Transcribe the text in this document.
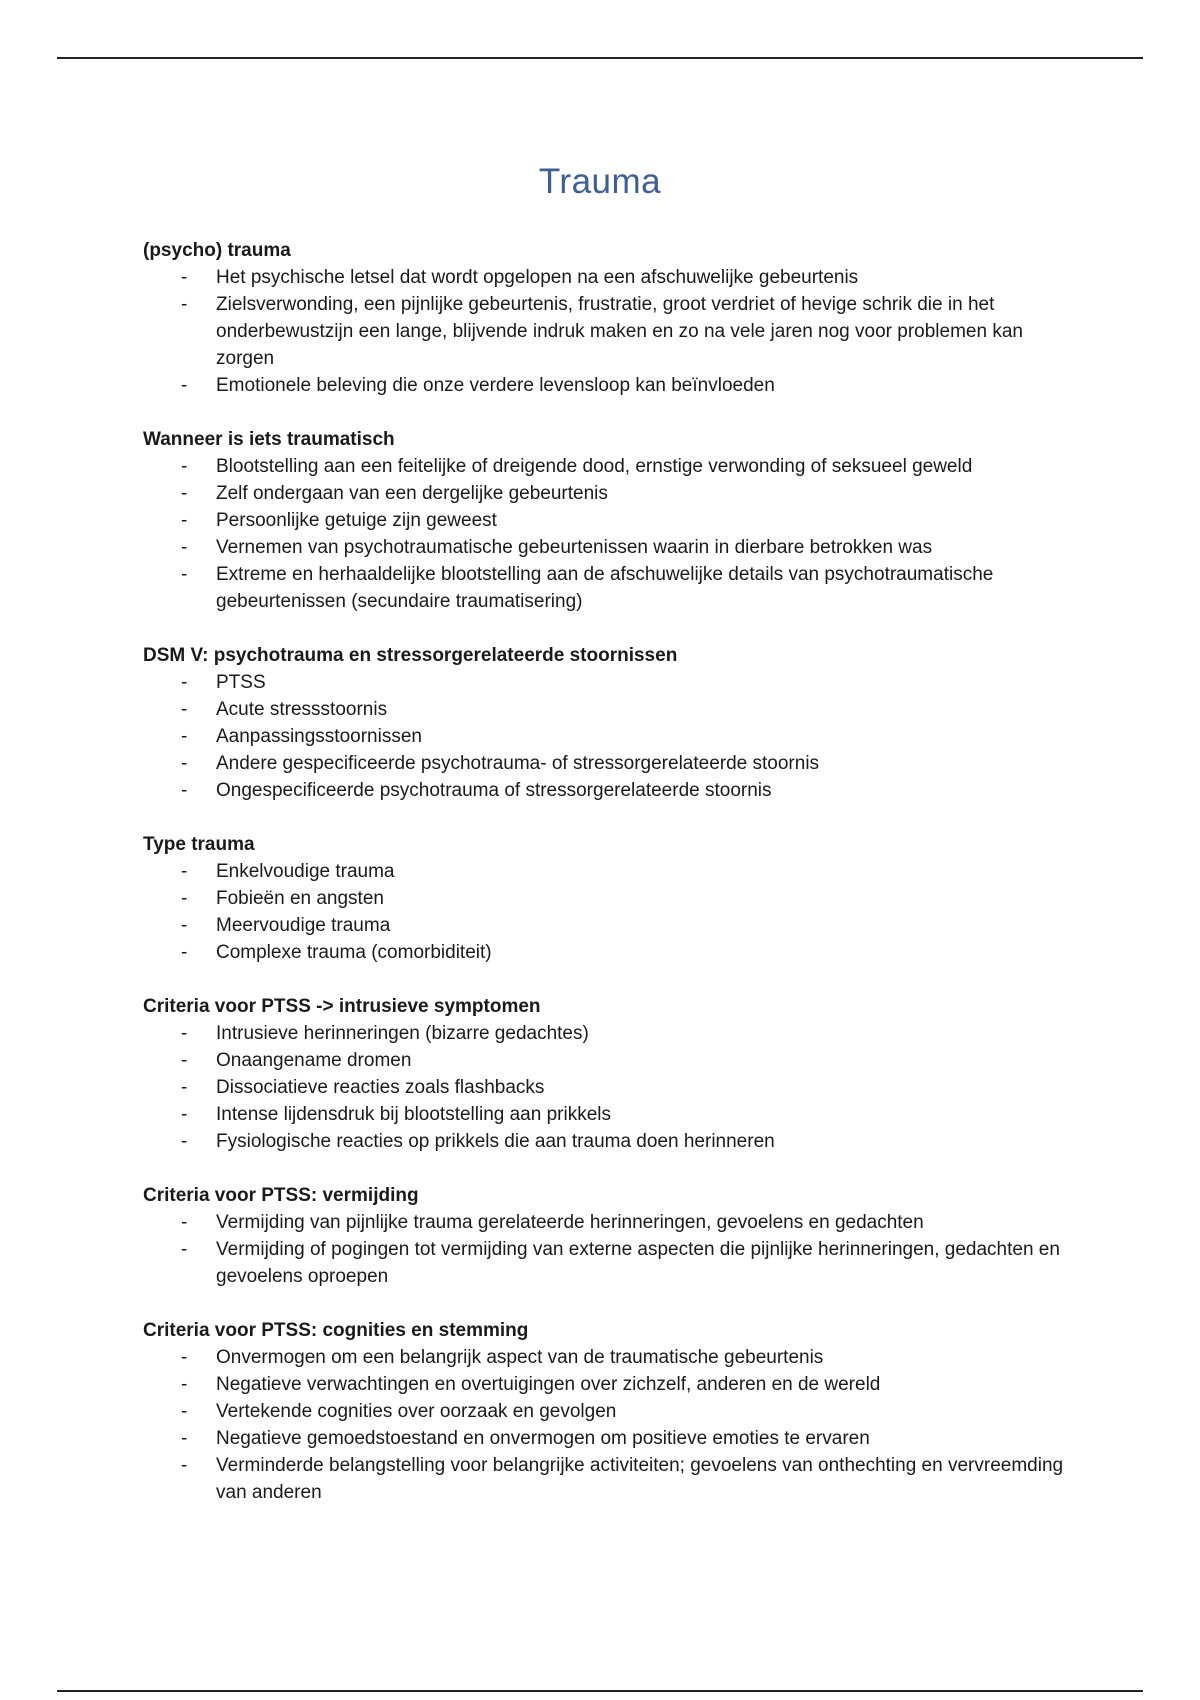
Trauma

(psycho) trauma

- Het psychische letsel dat wordt opgelopen na een afschuwelijke gebeurtenis
- Zielsverwonding, een pijnlijke gebeurtenis, frustratie, groot verdriet of hevige schrik die in het onderbewustzijn een lange, blijvende indruk maken en zo na vele jaren nog voor problemen kan zorgen
- Emotionele beleving die onze verdere levensloop kan beïnvloeden

Wanneer is iets traumatisch

- Blootstelling aan een feitelijke of dreigende dood, ernstige verwonding of seksueel geweld
- Zelf ondergaan van een dergelijke gebeurtenis
- Persoonlijke getuige zijn geweest
- Vernemen van psychotraumatische gebeurtenissen waarin in dierbare betrokken was
- Extreme en herhaaldelijke blootstelling aan de afschuwelijke details van psychotraumatische gebeurtenissen (secundaire traumatisering)

DSM V: psychotrauma en stressorgerelateerde stoornissen

- PTSS
- Acute stressstoornis
- Aanpassingsstoornissen
- Andere gespecificeerde psychotrauma- of stressorgerelateerde stoornis
- Ongespecificeerde psychotrauma of stressorgerelateerde stoornis

Type trauma

- Enkelvoudige trauma
- Fobieën en angsten
- Meervoudige trauma
- Complexe trauma (comorbiditeit)

Criteria voor PTSS -> intrusieve symptomen

- Intrusieve herinneringen (bizarre gedachtes)
- Onaangename dromen
- Dissociatieve reacties zoals flashbacks
- Intense lijdensdruk bij blootstelling aan prikkels
- Fysiologische reacties op prikkels die aan trauma doen herinneren

Criteria voor PTSS: vermijding

- Vermijding van pijnlijke trauma gerelateerde herinneringen, gevoelens en gedachten
- Vermijding of pogingen tot vermijding van externe aspecten die pijnlijke herinneringen, gedachten en gevoelens oproepen

Criteria voor PTSS: cognities en stemming

- Onvermogen om een belangrijk aspect van de traumatische gebeurtenis
- Negatieve verwachtingen en overtuigingen over zichzelf, anderen en de wereld
- Vertekende cognities over oorzaak en gevolgen
- Negatieve gemoedstoestand en onvermogen om positieve emoties te ervaren
- Verminderde belangstelling voor belangrijke activiteiten; gevoelens van onthechting en vervreemding van anderen
